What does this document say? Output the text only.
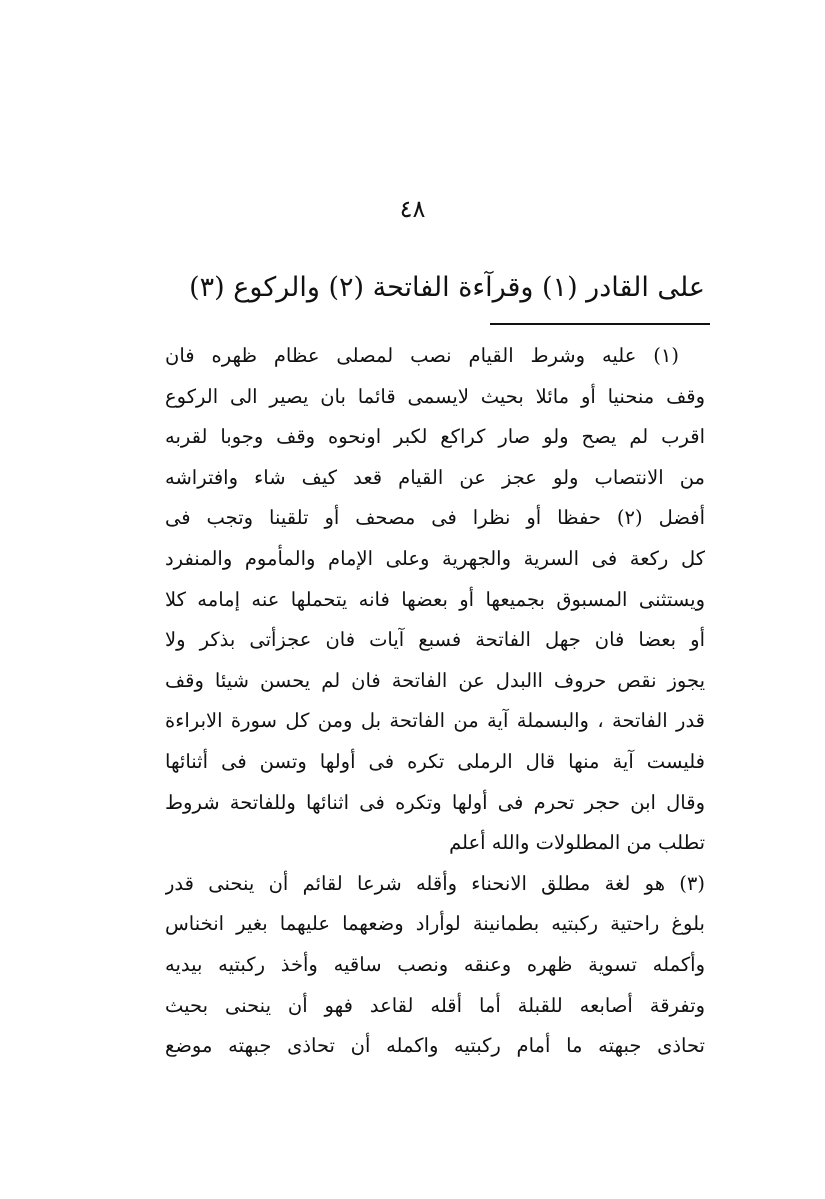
٤٨
على القادر (١) وقرآءة الفاتحة (٢) والركوع (٣)
(١) عليه وشرط القيام نصب لمصلى عظام ظهره فان
وقف منحنيا أو مائلا بحيث لايسمى قائما بان يصير الى الركوع
اقرب لم يصح ولو صار كراكع لكبر اونحوه وقف وجوبا لقربه
من الانتصاب ولو عجز عن القيام قعد كيف شاء وافتراشه
أفضل (٢) حفظا أو نظرا فى مصحف أو تلقينا وتجب فى
كل ركعة فى السرية والجهرية وعلى الإمام والمأموم والمنفرد
ويستثنى المسبوق بجميعها أو بعضها فانه يتحملها عنه إمامه كلا
أو بعضا فان جهل الفاتحة فسبع آيات فان عجزأتى بذكر ولا
يجوز نقص حروف االبدل عن الفاتحة فان لم يحسن شيئا وقف
قدر الفاتحة ، والبسملة آية من الفاتحة بل ومن كل سورة الابراءة
فليست آية منها قال الرملى تكره فى أولها وتسن فى أثنائها
وقال ابن حجر تحرم فى أولها وتكره فى اثنائها وللفاتحة شروط
تطلب من المطلولات والله أعلم
(٣) هو لغة مطلق الانحناء وأقله شرعا لقائم أن ينحنى قدر
بلوغ راحتية ركبتيه بطمانينة لوأراد وضعهما عليهما بغير انخناس
وأكمله تسوية ظهره وعنقه ونصب ساقيه وأخذ ركبتيه بيديه
وتفرقة أصابعه للقبلة أما أقله لقاعد فهو أن ينحنى بحيث
تحاذى جبهته ما أمام ركبتيه واكمله أن تحاذى جبهته موضع
